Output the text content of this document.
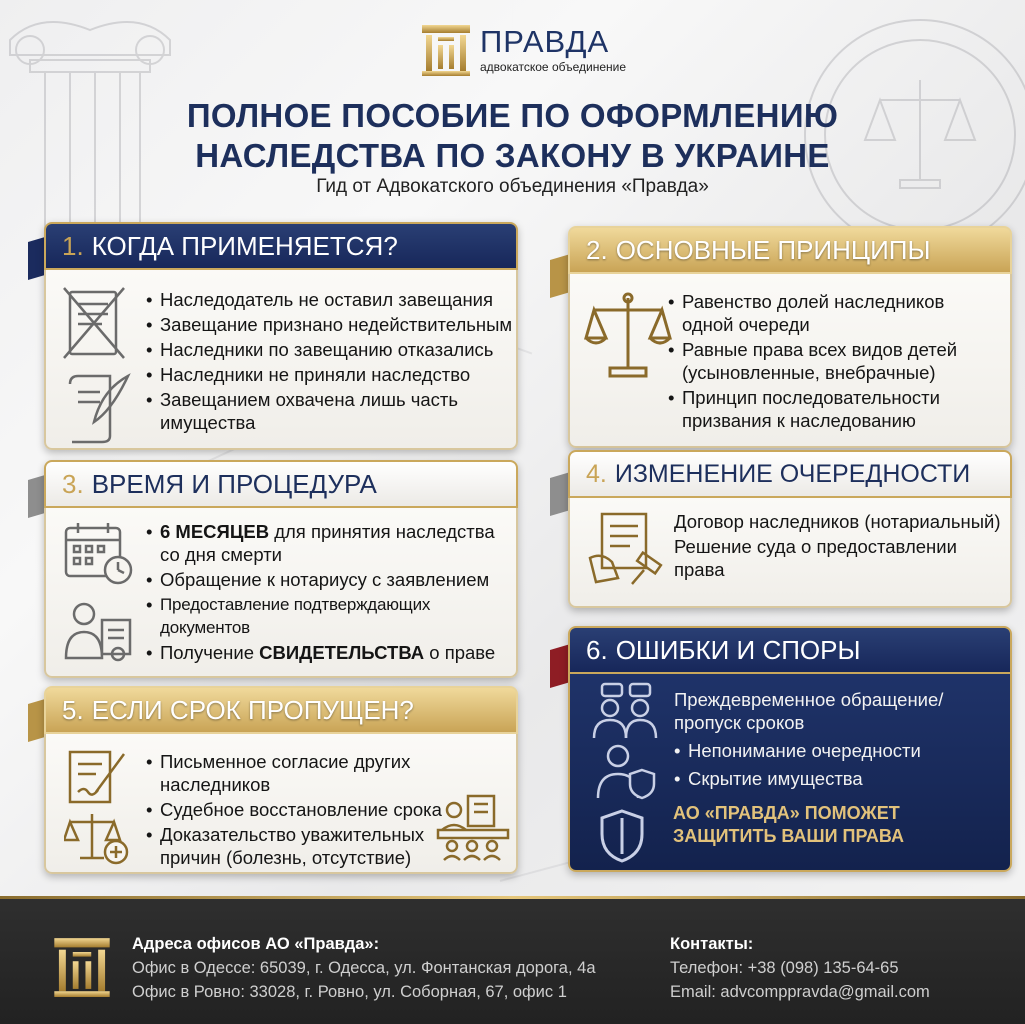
ПРАВДА
адвокатское объединение
ПОЛНОЕ ПОСОБИЕ ПО ОФОРМЛЕНИЮ
НАСЛЕДСТВА ПО ЗАКОНУ В УКРАИНЕ
Гид от Адвокатского объединения «Правда»
1. КОГДА ПРИМЕНЯЕТСЯ?
• Наследодатель не оставил завещания
• Завещание признано недействительным
• Наследники по завещанию отказались
• Наследники не приняли наследство
• Завещанием охвачена лишь часть имущества
2. ОСНОВНЫЕ ПРИНЦИПЫ
• Равенство долей наследников одной очереди
• Равные права всех видов детей (усыновленные, внебрачные)
• Принцип последовательности призвания к наследованию
3. ВРЕМЯ И ПРОЦЕДУРА
• 6 МЕСЯЦЕВ для принятия наследства со дня смерти
• Обращение к нотариусу с заявлением
• Предоставление подтверждающих документов
• Получение СВИДЕТЕЛЬСТВА о праве
4. ИЗМЕНЕНИЕ ОЧЕРЕДНОСТИ
Договор наследников (нотариальный)
Решение суда о предоставлении права
5. ЕСЛИ СРОК ПРОПУЩЕН?
• Письменное согласие других наследников
• Судебное восстановление срока
• Доказательство уважительных причин (болезнь, отсутствие)
6. ОШИБКИ И СПОРЫ
Преждевременное обращение/пропуск сроков
• Непонимание очередности
• Скрытие имущества
АО «ПРАВДА» ПОМОЖЕТ
ЗАЩИТИТЬ ВАШИ ПРАВА
Адреса офисов АО «Правда»:
Офис в Одессе: 65039, г. Одесса, ул. Фонтанская дорога, 4а
Офис в Ровно: 33028, г. Ровно, ул. Соборная, 67, офис 1
Контакты:
Телефон: +38 (098) 135-64-65
Email: advcomppravda@gmail.com
